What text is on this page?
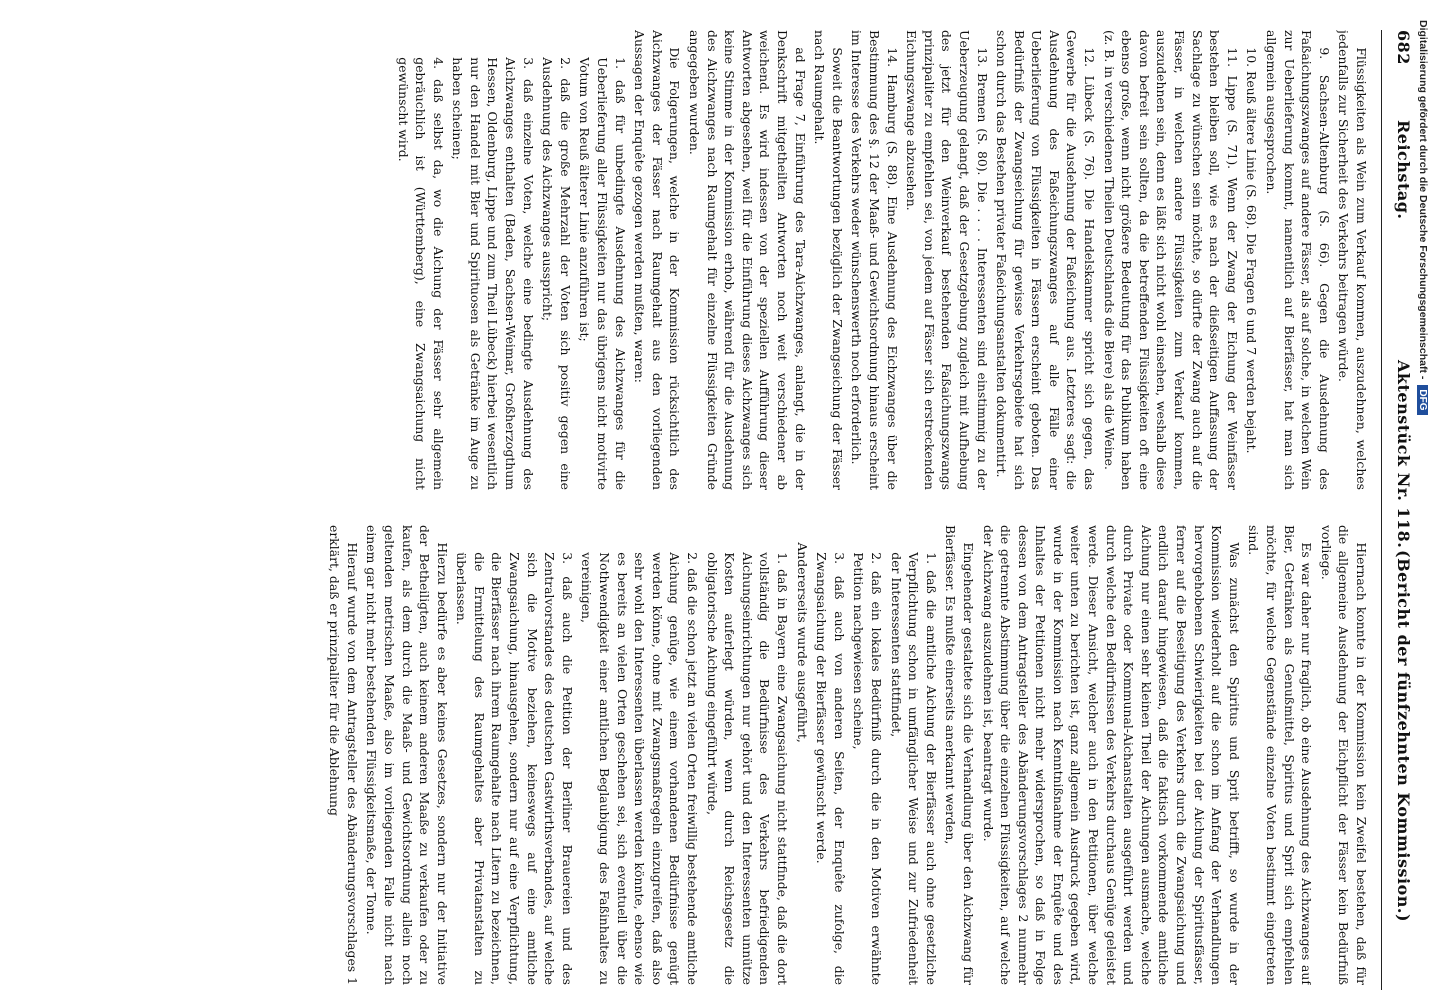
682
Reichstag.
Aktenstück Nr. 118.
(Bericht der fünfzehnten Kommission.)

Flüssigkeiten als Wein zum Verkauf kommen, auszudehnen, welches jedenfalls zur Sicherheit des Verkehrs beitragen würde.

9. Sachsen-Altenburg (S. 66). Gegen die Ausdehnung des Faßaichungszwanges auf andere Fässer, als auf solche, in welchen Wein zur Ueberlieferung kommt, namentlich auf Bierfässer, hat man sich allgemein ausgesprochen.

10. Reuß ältere Linie (S. 68). Die Fragen 6 und 7 werden bejaht.

11. Lippe (S. 71). Wenn der Zwang der Eichung der Weinfässer bestehen bleiben soll, wie es nach der dießseitigen Auffassung der Sachlage zu wünschen sein möchte, so dürfte der Zwang auch auf die Fässer, in welchen andere Flüssigkeiten zum Verkauf kommen, auszudehnen sein, denn es läßt sich nicht wohl einsehen, weshalb diese davon befreit sein sollten, da die betreffenden Flüssigkeiten oft eine ebenso große, wenn nicht größere Bedeutung für das Publikum haben (z. B. in verschiedenen Theilen Deutschlands die Biere) als die Weine.

12. Lübeck (S. 76). Die Handelskammer spricht sich gegen, das Gewerbe für die Ausdehnung der Faßeichung aus. Letzteres sagt: die Ausdehnung des Faßeichungszwanges auf alle Fälle einer Ueberlieferung von Flüssigkeiten in Fässern erscheint geboten. Das Bedürfniß der Zwangseichung für gewisse Verkehrsgebiete hat sich schon durch das Bestehen privater Faßeichungsanstalten dokumentirt.

13. Bremen (S. 80). Die . . . . Interessenten sind einstimmig zu der Ueberzeugung gelangt, daß der Gesetzgebung zugleich mit Aufhebung des jetzt für den Weinverkauf bestehenden Faßaichungszwangs prinzipaliter zu empfehlen sei, von jedem auf Fässer sich erstreckenden Eichungszwange abzusehen.

14. Hamburg (S. 88). Eine Ausdehnung des Eichzwanges über die Bestimmung des §. 12 der Maaß- und Gewichtsordnung hinaus erscheint im Interesse des Verkehrs weder wünschenswerth noch erforderlich.

Soweit die Beantwortungen bezüglich der Zwangseichung der Fässer nach Raumgehalt.

ad Frage 7, Einführung des Tara-Aichzwanges, anlangt, die in der Denkschrift mitgetheilten Antworten noch weit verschiedener ab weichend. Es wird indessen von der speziellen Aufführung dieser Antworten abgesehen, weil für die Einführung dieses Aichzwanges sich keine Stimme in der Kommission erhob, während für die Ausdehnung des Aichzwanges nach Raumgehalt für einzelne Flüssigkeiten Gründe angegeben wurden.

Die Folgerungen, welche in der Kommission rücksichtlich des Aichzwanges der Fässer nach Raumgehalt aus den vorliegenden Aussagen der Enquête gezogen werden mußten, waren:

1. daß für unbedingte Ausdehnung des Aichzwanges für die Ueberlieferung aller Flüssigkeiten nur das übrigens nicht motivirte Votum von Reuß älterer Linie anzuführen ist;

2. daß die große Mehrzahl der Voten sich positiv gegen eine Ausdehnung des Aichzwanges ausspricht;

3. daß einzelne Voten, welche eine bedingte Ausdehnung des Aichzwanges enthalten (Baden, Sachsen-Weimar, Großherzogthum Hessen, Oldenburg, Lippe und zum Theil Lübeck) hierbei wesentlich nur den Handel mit Bier und Spirituosen als Getränke im Auge zu haben scheinen;

4. daß selbst da, wo die Aichung der Fässer sehr allgemein gebräuchlich ist (Württemberg), eine Zwangsaichung nicht gewünscht wird.

Hiernach konnte in der Kommission kein Zweifel bestehen, daß für die allgemeine Ausdehnung der Eichpflicht der Fässer kein Bedürfniß vorliege.

Es war daher nur fraglich, ob eine Ausdehnung des Aichzwanges auf Bier, Getränken als Genußmittel, Spiritus und Sprit sich empfehlen möchte, für welche Gegenstände einzelne Voten bestimmt eingetreten sind.

Was zunächst den Spiritus und Sprit betrifft, so wurde in der Kommission wiederholt auf die schon im Anfang der Verhandlungen hervorgehobenen Schwierigkeiten bei der Aichung der Spiritusfässer, ferner auf die Beseitigung des Verkehrs durch die Zwangsaichung und endlich darauf hingewiesen, daß die faktisch vorkommende amtliche Aichung nur einen sehr kleinen Theil der Aichungen ausmache, welche durch Private oder Kommunal-Aichanstalten ausgeführt werden und durch welche den Bedürfnissen des Verkehrs durchaus Genüge geleistet werde. Dieser Ansicht, welcher auch in den Petitionen, über welche weiter unten zu berichten ist, ganz allgemein Ausdruck gegeben wird, wurde in der Kommission nach Kenntnißnahme der Enquête und des Inhaltes der Petitionen nicht mehr widersprochen, so daß in Folge dessen von dem Antragsteller des Abänderungsvorschlages 2 nunmehr die getrennte Abstimmung über die einzelnen Flüssigkeiten, auf welche der Aichzwang auszudehnen ist, beantragt wurde.

Eingehender gestaltete sich die Verhandlung über den Aichzwang für Bierfässer. Es mußte einerseits anerkannt werden,

1. daß die amtliche Aichung der Bierfässer auch ohne gesetzliche Verpflichtung schon in umfänglicher Weise und zur Zufriedenheit der Interessenten stattfindet,

2. daß ein lokales Bedürfniß durch die in den Motiven erwähnte Petition nachgewiesen scheine,

3. daß auch von anderen Seiten, der Enquête zufolge, die Zwangsaichung der Bierfässer gewünscht werde.

Andererseits wurde ausgeführt,

1. daß in Bayern eine Zwangsaichung nicht stattfinde, daß die dort vollständig die Bedürfnisse des Verkehrs befriedigenden Aichungseinrichtungen nur gehört und den Interessenten unnütze Kosten auferlegt würden, wenn durch Reichsgesetz die obligatorische Aichung eingeführt würde,

2. daß die schon jetzt an vielen Orten freiwillig bestehende amtliche Aichung genüge, wie einem vorhandenen Bedürfnisse genügt werden könne, ohne mit Zwangsmaßregeln einzugreifen, daß also sehr wohl den Interessenten überlassen werden könnte, ebenso wie es bereits an vielen Orten geschehen sei, sich eventuell über die Nothwendigkeit einer amtlichen Beglaubigung des Faßinhaltes zu vereinigen,

3. daß auch die Petition der Berliner Brauereien und des Zentralvorstandes des deutschen Gastwirthsverbandes, auf welche sich die Motive beziehen, keineswegs auf eine amtliche Zwangsaichung, hinausgehen, sondern nur auf eine Verpflichtung, die Bierfässer nach ihrem Raumgehalte nach Litern zu bezeichnen, die Ermittelung des Raumgehaltes aber Privatanstalten zu überlassen.

Hierzu bedürfe es aber keines Gesetzes, sondern nur der Initiative der Betheiligten, auch keinem anderen Maaße zu verkaufen oder zu kaufen, als dem durch die Maaß- und Gewichtsordnung allein noch geltenden metrischen Maaße, also im vorliegenden Falle nicht nach einem gar nicht mehr bestehenden Flüssigkeitsmaße, der Tonne.

Hierauf wurde von dem Antragsteller des Abänderungsvorschlages 1 erklärt, daß er prinzipaliter für die Ablehnung

Digitalisierung gefördert durch die Deutsche Forschungsgemeinschaft -DFG
